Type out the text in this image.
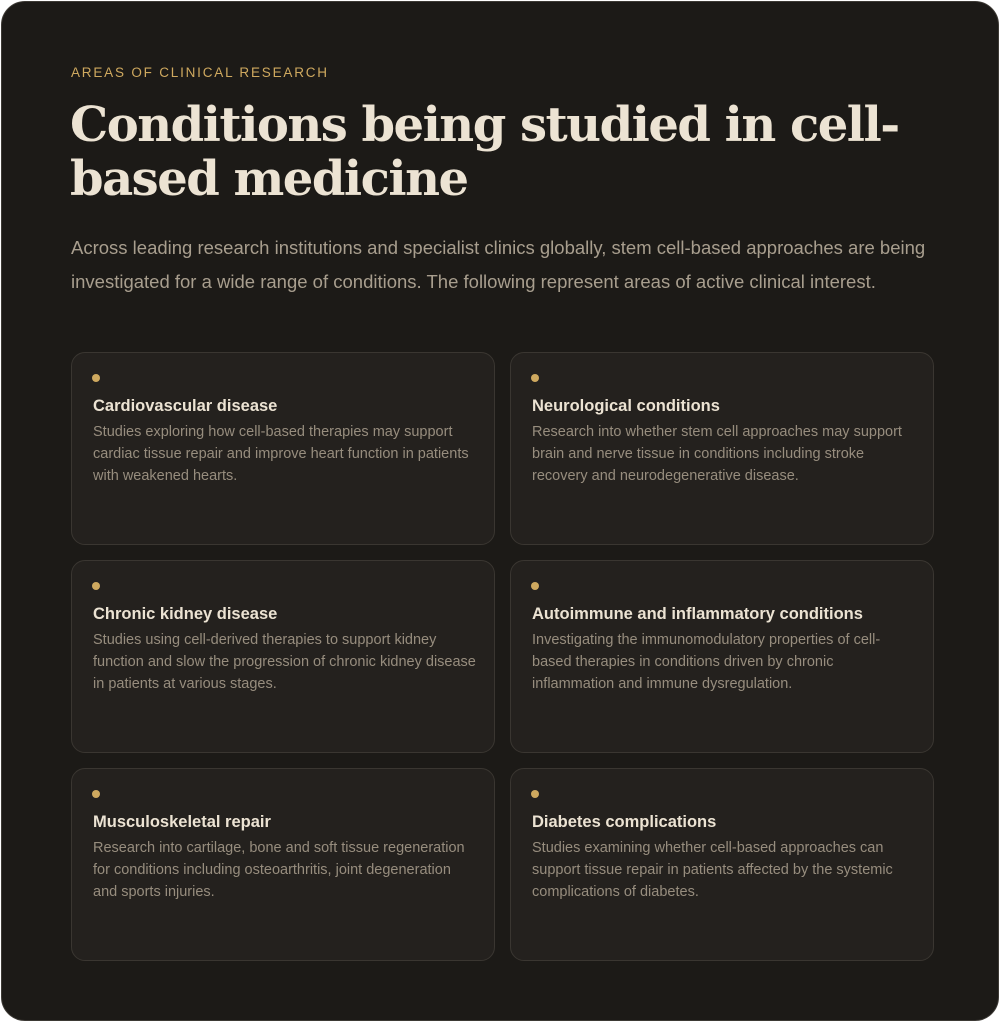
AREAS OF CLINICAL RESEARCH
Conditions being studied in cell-based medicine

Across leading research institutions and specialist clinics globally, stem cell-based approaches are being investigated for a wide range of conditions. The following represent areas of active clinical interest.

Cardiovascular disease
Studies exploring how cell-based therapies may support cardiac tissue repair and improve heart function in patients with weakened hearts.
Neurological conditions
Research into whether stem cell approaches may support brain and nerve tissue in conditions including stroke recovery and neurodegenerative disease.
Chronic kidney disease
Studies using cell-derived therapies to support kidney function and slow the progression of chronic kidney disease in patients at various stages.
Autoimmune and inflammatory conditions
Investigating the immunomodulatory properties of cell-based therapies in conditions driven by chronic inflammation and immune dysregulation.
Musculoskeletal repair
Research into cartilage, bone and soft tissue regeneration for conditions including osteoarthritis, joint degeneration and sports injuries.
Diabetes complications
Studies examining whether cell-based approaches can support tissue repair in patients affected by the systemic complications of diabetes.
